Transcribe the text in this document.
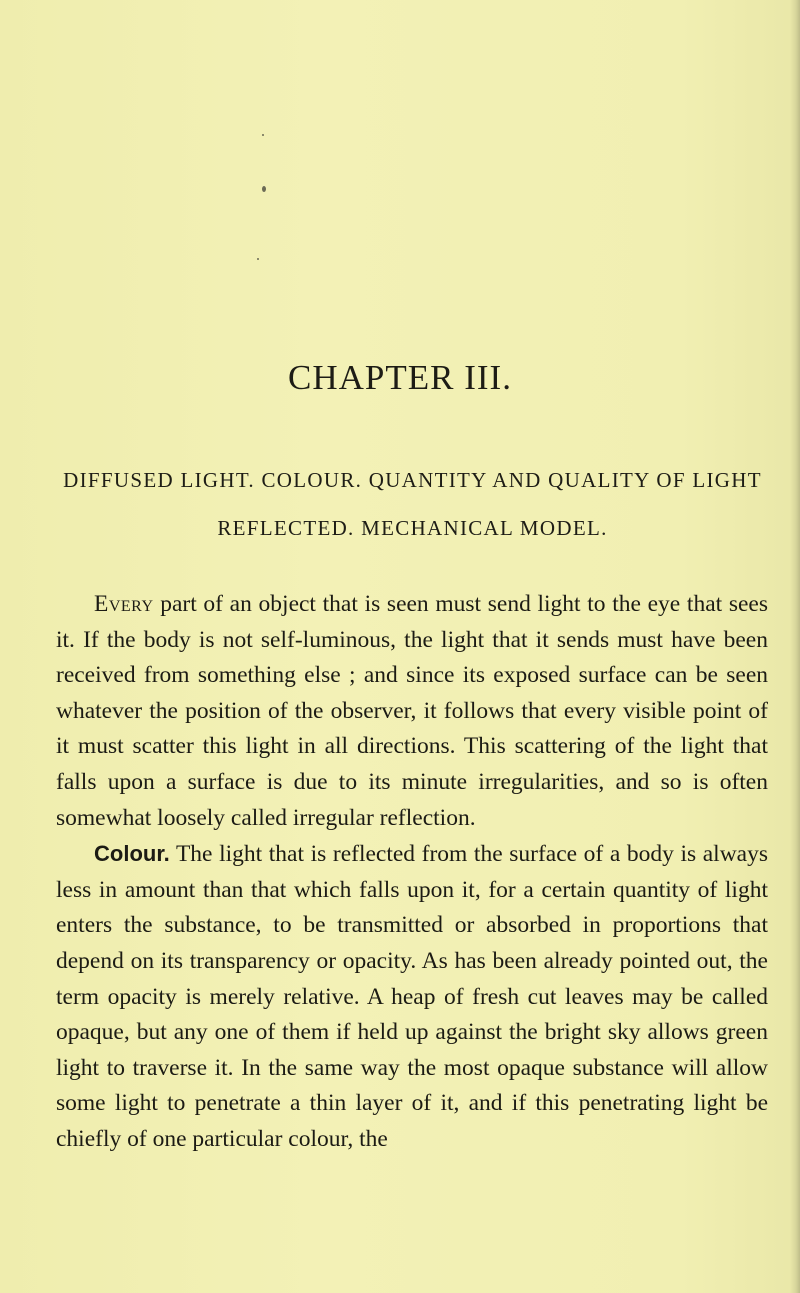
CHAPTER III.
DIFFUSED LIGHT. COLOUR. QUANTITY AND QUALITY OF LIGHT REFLECTED. MECHANICAL MODEL.

Every part of an object that is seen must send light to the eye that sees it. If the body is not self-luminous, the light that it sends must have been received from something else ; and since its exposed surface can be seen whatever the position of the observer, it follows that every visible point of it must scatter this light in all directions. This scattering of the light that falls upon a surface is due to its minute irregularities, and so is often somewhat loosely called irregular reflection.

Colour. The light that is reflected from the surface of a body is always less in amount than that which falls upon it, for a certain quantity of light enters the substance, to be transmitted or absorbed in proportions that depend on its transparency or opacity. As has been already pointed out, the term opacity is merely relative. A heap of fresh cut leaves may be called opaque, but any one of them if held up against the bright sky allows green light to traverse it. In the same way the most opaque substance will allow some light to penetrate a thin layer of it, and if this penetrating light be chiefly of one particular colour, the
